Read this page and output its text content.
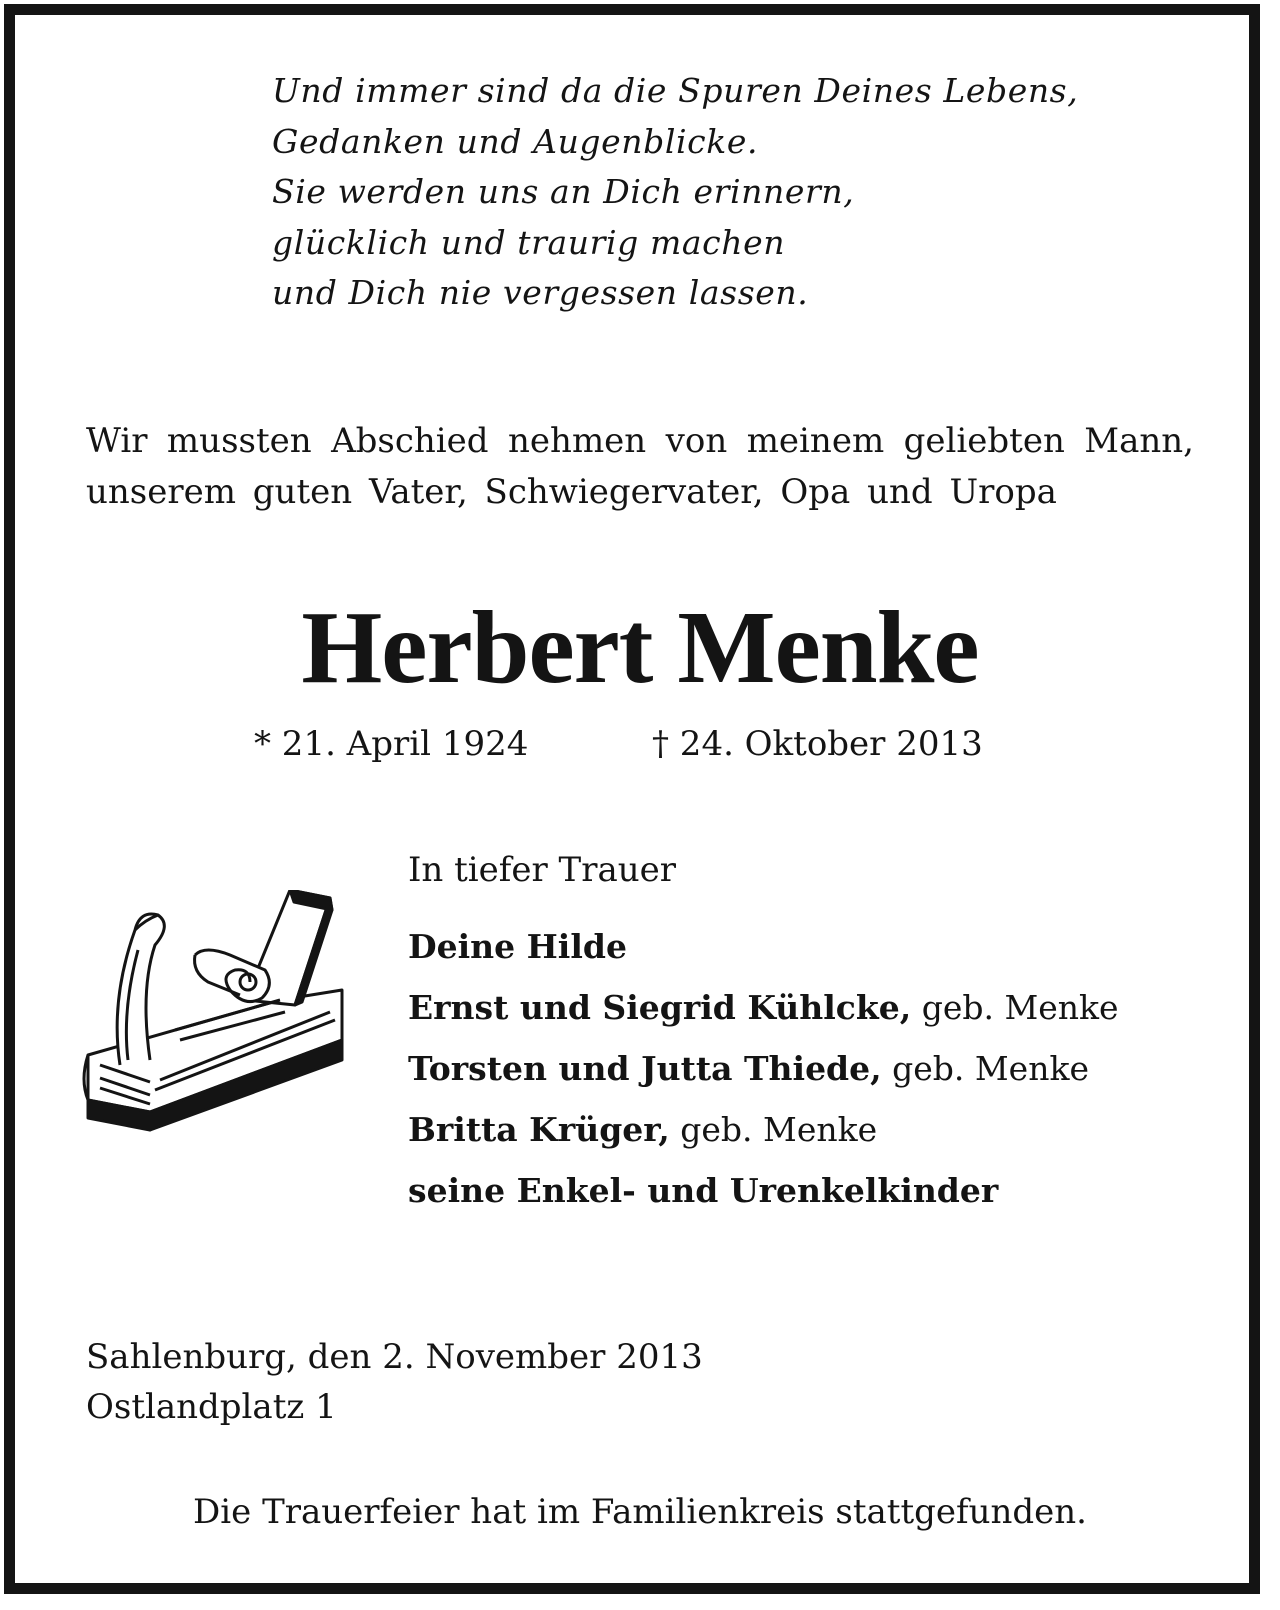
Und immer sind da die Spuren Deines Lebens,
Gedanken und Augenblicke.
Sie werden uns an Dich erinnern,
glücklich und traurig machen
und Dich nie vergessen lassen.
Wir mussten Abschied nehmen von meinem geliebten Mann, unserem guten Vater, Schwiegervater, Opa und Uropa
Herbert Menke
* 21. April 1924	† 24. Oktober 2013
In tiefer Trauer
Deine Hilde
Ernst und Siegrid Kühlcke, geb. Menke
Torsten und Jutta Thiede, geb. Menke
Britta Krüger, geb. Menke
seine Enkel- und Urenkelkinder
Sahlenburg, den 2. November 2013
Ostlandplatz 1
Die Trauerfeier hat im Familienkreis stattgefunden.
